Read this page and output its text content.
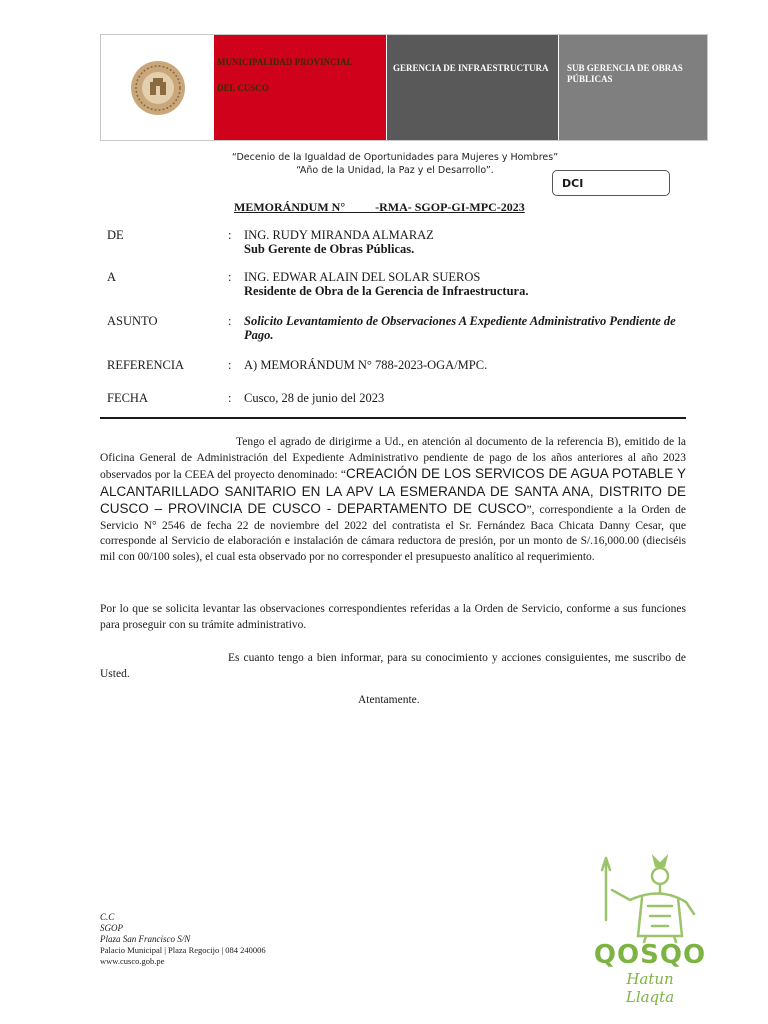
MUNICIPALIDAD PROVINCIAL
DEL CUSCO
GERENCIA DE INFRAESTRUCTURA	SUB GERENCIA DE OBRAS PÚBLICAS
“Decenio de la Igualdad de Oportunidades para Mujeres y Hombres”
“Año de la Unidad, la Paz y el Desarrollo”.
DCI
MEMORÁNDUM N°          -RMA- SGOP-GI-MPC-2023
DE	: ING. RUDY MIRANDA ALMARAZ
Sub Gerente de Obras Públicas.
A	: ING. EDWAR ALAIN DEL SOLAR SUEROS
Residente de Obra de la Gerencia de Infraestructura.
ASUNTO	: Solicito Levantamiento de Observaciones A Expediente Administrativo Pendiente de Pago.
REFERENCIA	: A) MEMORÁNDUM N° 788-2023-OGA/MPC.
FECHA	: Cusco, 28 de junio del 2023
Tengo el agrado de dirigirme a Ud., en atención al documento de la referencia B), emitido de la Oficina General de Administración del Expediente Administrativo pendiente de pago de los años anteriores al año 2023 observados por la CEEA del proyecto denominado: “CREACIÓN DE LOS SERVICOS DE AGUA POTABLE Y ALCANTARILLADO SANITARIO EN LA APV LA ESMERANDA DE SANTA ANA, DISTRITO DE CUSCO – PROVINCIA DE CUSCO - DEPARTAMENTO DE CUSCO”, correspondiente a la Orden de Servicio N° 2546 de fecha 22 de noviembre del 2022 del contratista el Sr. Fernández Baca Chicata Danny Cesar, que corresponde al Servicio de elaboración e instalación de cámara reductora de presión, por un monto de S/.16,000.00 (dieciséis mil con 00/100 soles), el cual esta observado por no corresponder el presupuesto analítico al requerimiento.
Por lo que se solicita levantar las observaciones correspondientes referidas a la Orden de Servicio, conforme a sus funciones para proseguir con su trámite administrativo.
Es cuanto tengo a bien informar, para su conocimiento y acciones consiguientes, me suscribo de Usted.
Atentamente.
C.C
SGOP
Plaza San Francisco S/N
Palacio Municipal | Plaza Regocijo | 084 240006
www.cusco.gob.pe	QOSQO
Hatun Llaqta
